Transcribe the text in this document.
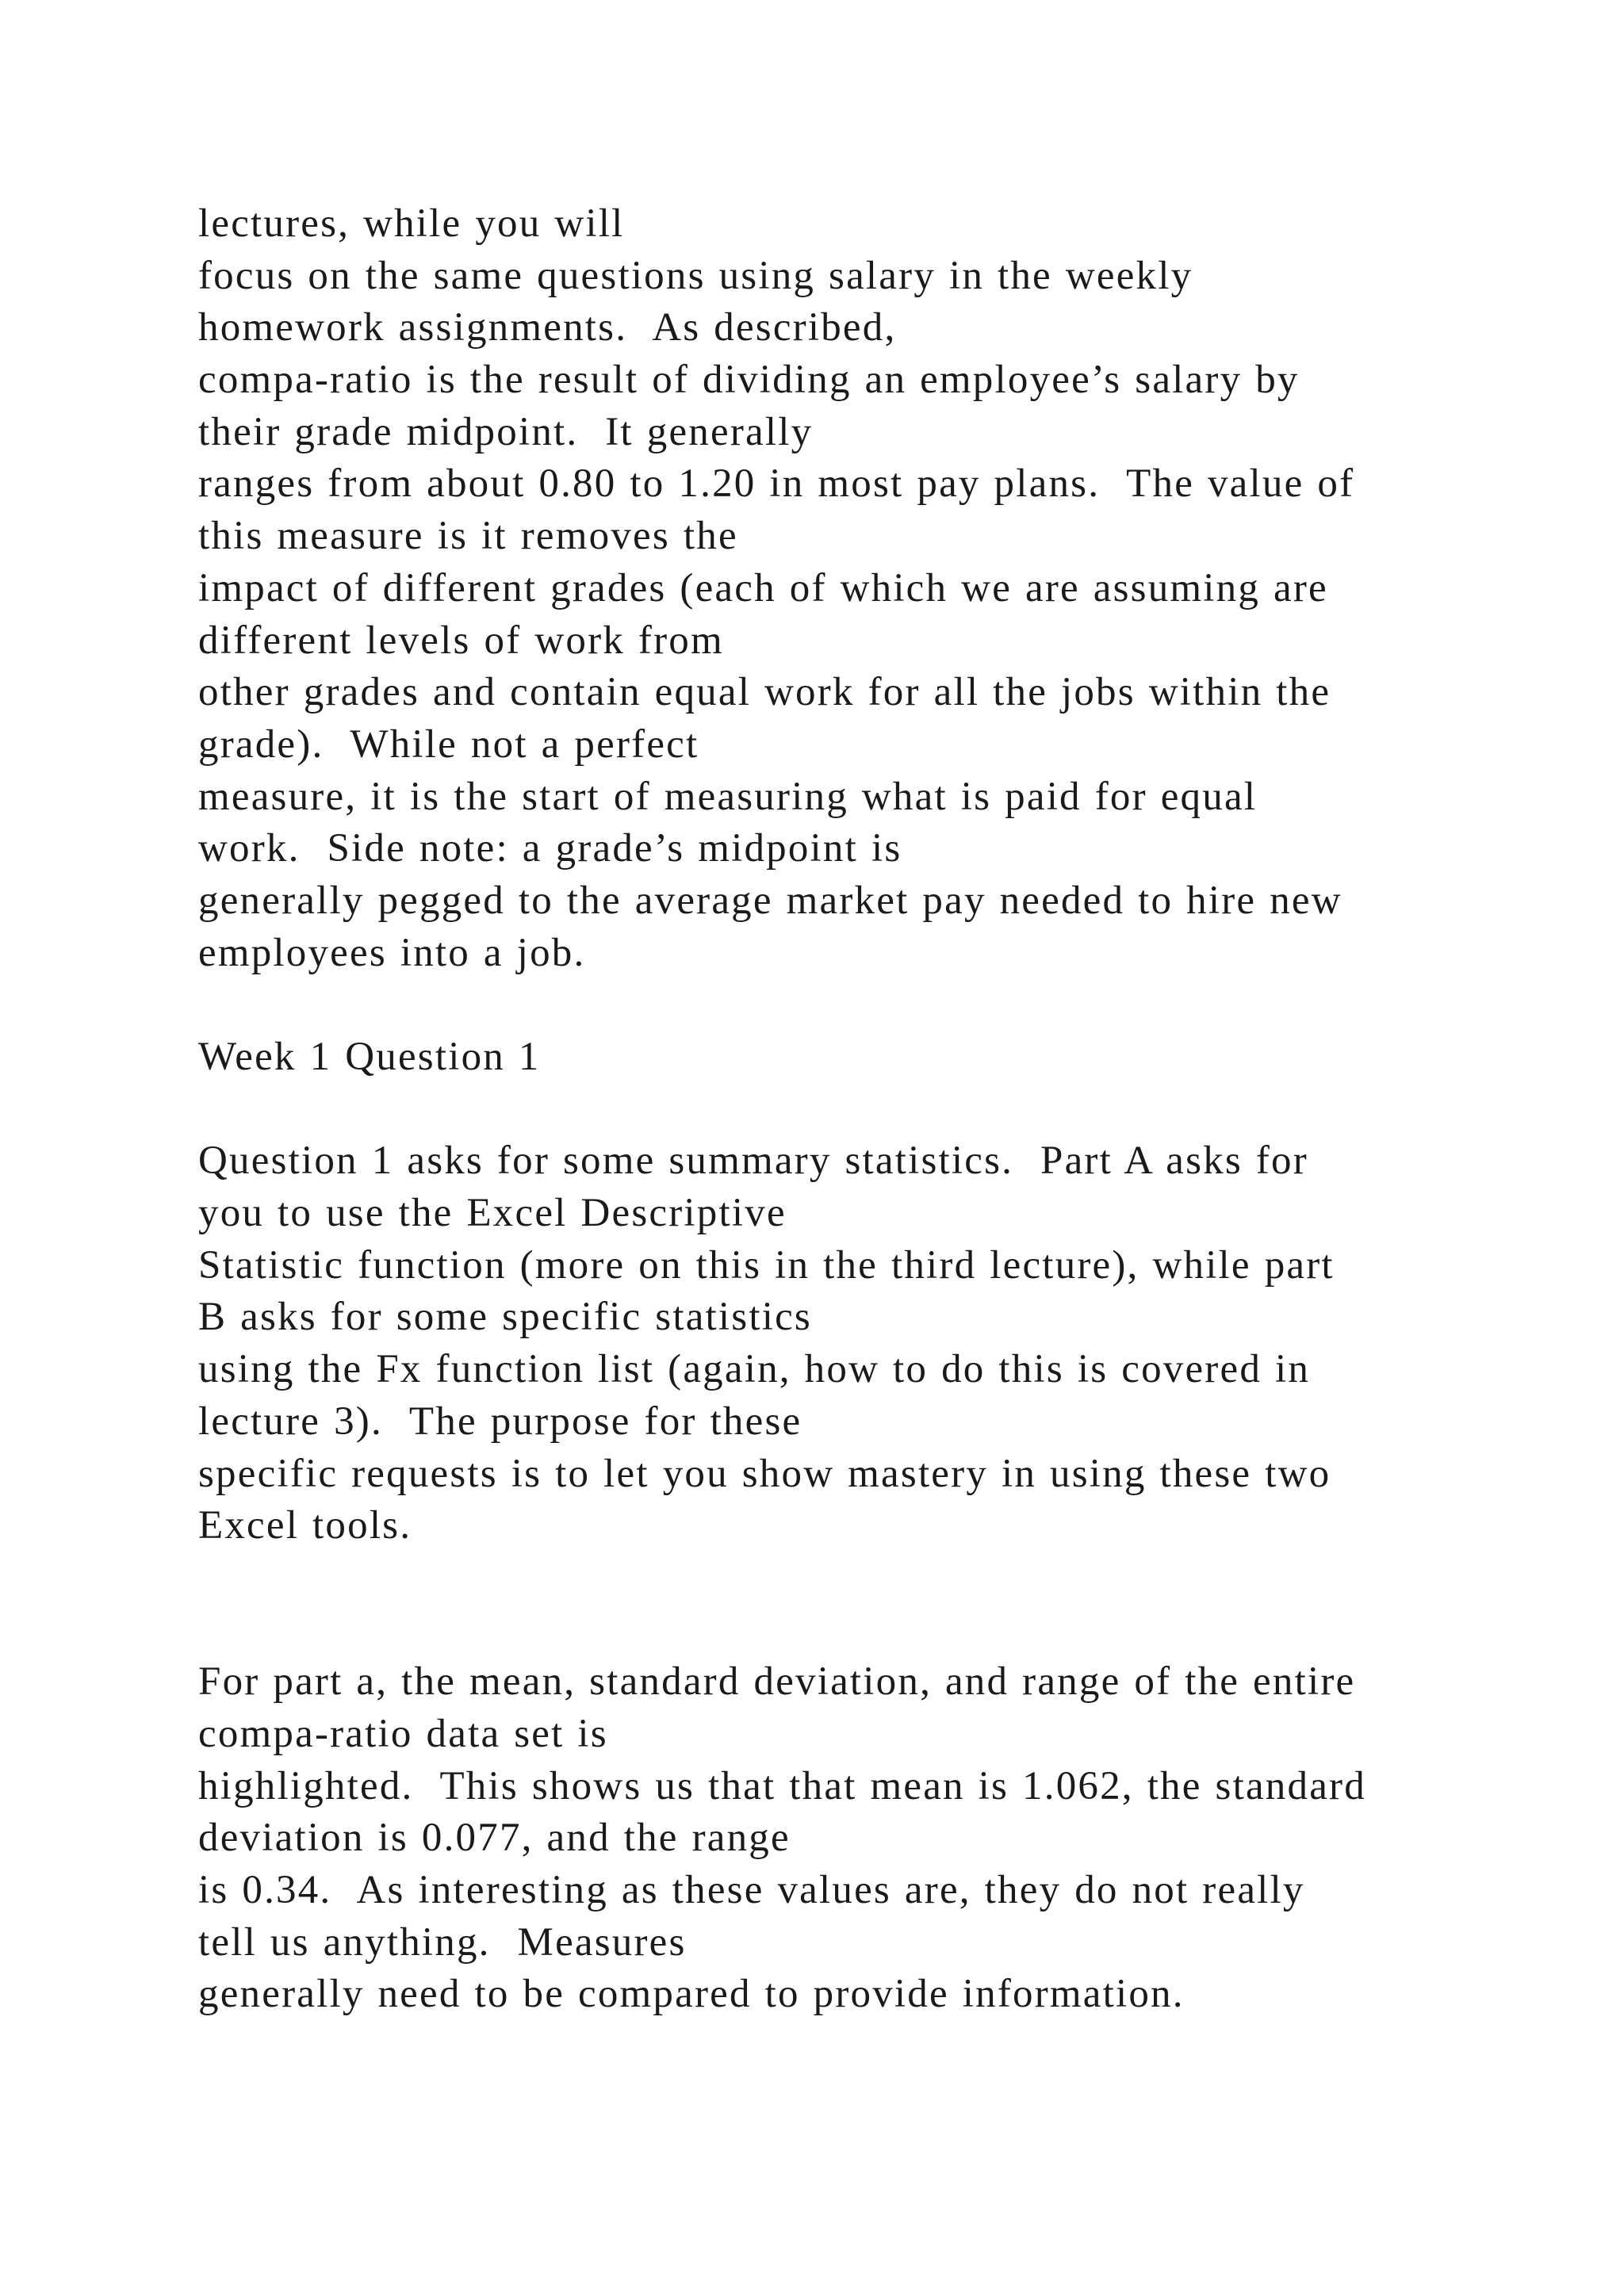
lectures, while you will
focus on the same questions using salary in the weekly
homework assignments.  As described,
compa-ratio is the result of dividing an employee’s salary by
their grade midpoint.  It generally
ranges from about 0.80 to 1.20 in most pay plans.  The value of
this measure is it removes the
impact of different grades (each of which we are assuming are
different levels of work from
other grades and contain equal work for all the jobs within the
grade).  While not a perfect
measure, it is the start of measuring what is paid for equal
work.  Side note: a grade’s midpoint is
generally pegged to the average market pay needed to hire new
employees into a job.
Week 1 Question 1
Question 1 asks for some summary statistics.  Part A asks for
you to use the Excel Descriptive
Statistic function (more on this in the third lecture), while part
B asks for some specific statistics
using the Fx function list (again, how to do this is covered in
lecture 3).  The purpose for these
specific requests is to let you show mastery in using these two
Excel tools.
For part a, the mean, standard deviation, and range of the entire
compa-ratio data set is
highlighted.  This shows us that that mean is 1.062, the standard
deviation is 0.077, and the range
is 0.34.  As interesting as these values are, they do not really
tell us anything.  Measures
generally need to be compared to provide information.
